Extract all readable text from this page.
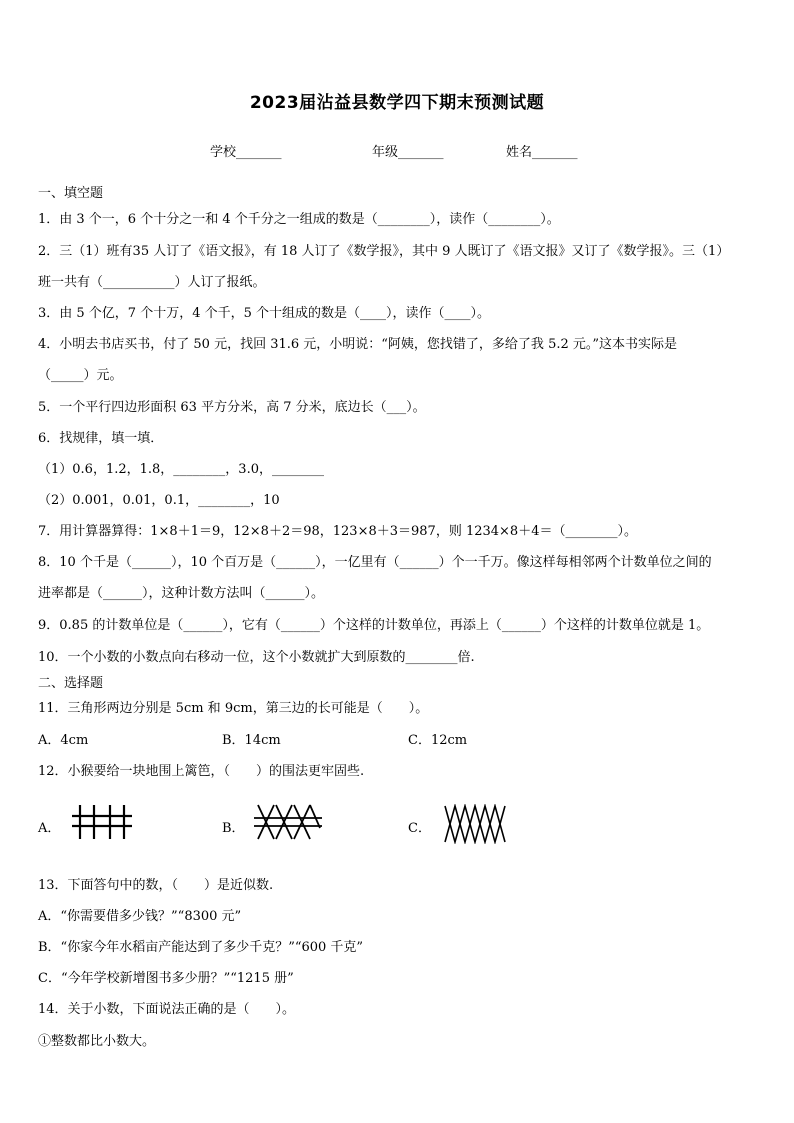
2023届沾益县数学四下期末预测试题
学校_______	年级_______	姓名_______
一、填空题
1．由 3 个一，6 个十分之一和 4 个千分之一组成的数是（________），读作（________）。
2．三（1）班有35 人订了《语文报》，有 18 人订了《数学报》，其中 9 人既订了《语文报》又订了《数学报》。三（1）
班一共有（___________）人订了报纸。
3．由 5 个亿，7 个十万，4 个千，5 个十组成的数是（____），读作（____）。
4．小明去书店买书，付了 50 元，找回 31.6 元，小明说：“阿姨，您找错了，多给了我 5.2 元。”这本书实际是
（_____）元。
5．一个平行四边形面积 63 平方分米，高 7 分米，底边长（___）。
6．找规律，填一填．
（1）0.6，1.2，1.8，________，3.0，________
（2）0.001，0.01，0.1，________，10
7．用计算器算得：1×8＋1＝9，12×8＋2＝98，123×8＋3＝987，则 1234×8＋4＝（________）。
8．10 个千是（______），10 个百万是（______），一亿里有（______）个一千万。像这样每相邻两个计数单位之间的
进率都是（______），这种计数方法叫（______）。
9．0.85 的计数单位是（______），它有（______）个这样的计数单位，再添上（______）个这样的计数单位就是 1。
10．一个小数的小数点向右移动一位，这个小数就扩大到原数的________倍.
二、选择题
11．三角形两边分别是 5cm 和 9cm，第三边的长可能是（　　）。
A．4cm	B．14cm	C．12cm
12．小猴要给一块地围上篱笆，（　　）的围法更牢固些.
A．	B．	C．
13．下面答句中的数，（　　）是近似数.
A．“你需要借多少钱？”“8300 元”
B．“你家今年水稻亩产能达到了多少千克？”“600 千克”
C．“今年学校新增图书多少册？”“1215 册”
14．关于小数，下面说法正确的是（　　）。
①整数都比小数大。
